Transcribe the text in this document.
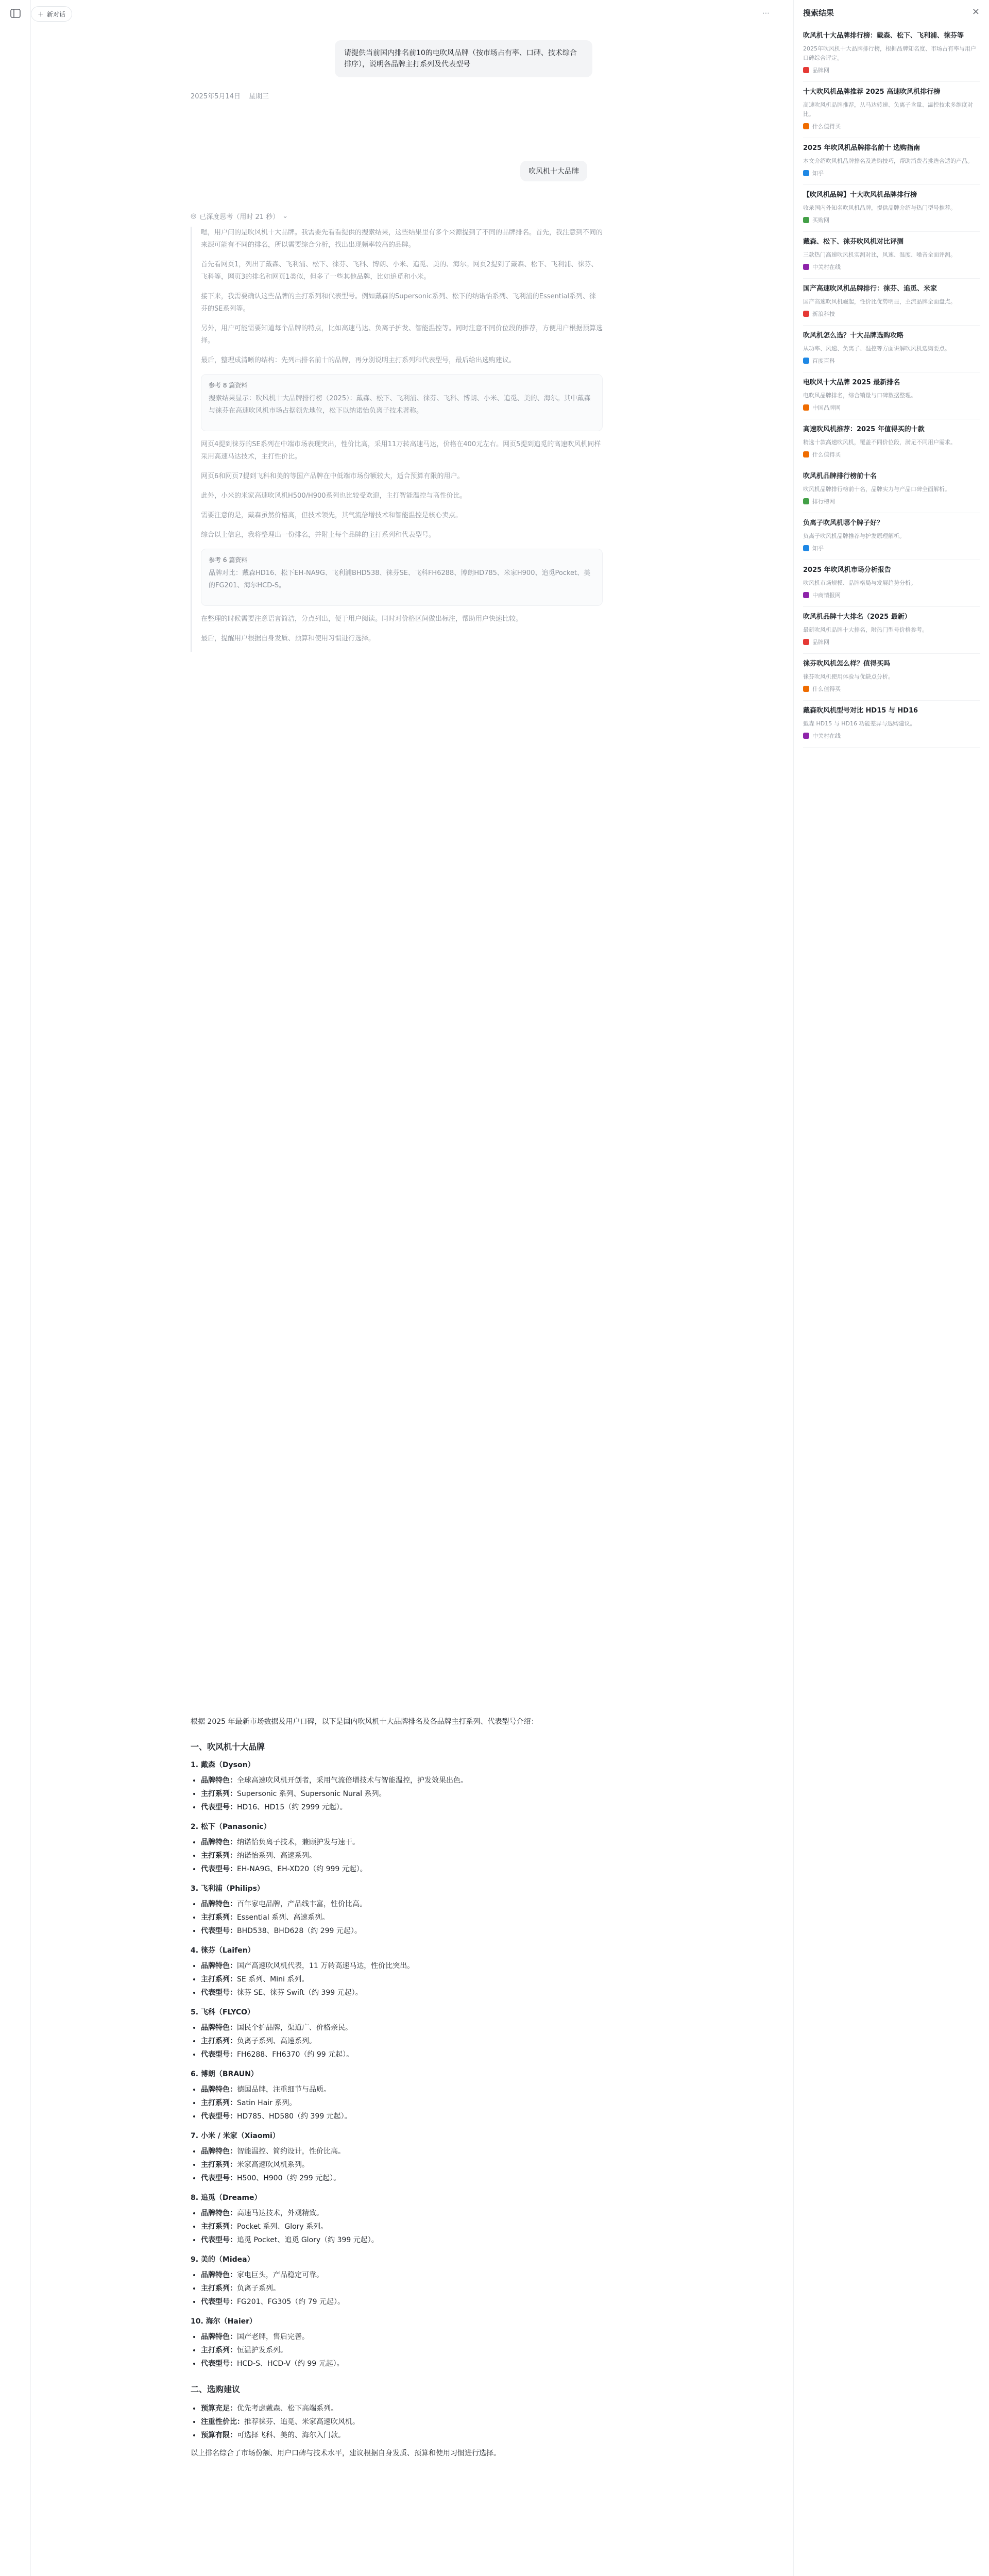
＋ 新对话
请提供当前国内排名前10的电吹风品牌（按市场占有率、口碑、技术综合排序），说明各品牌主打系列及代表型号
2025年5月14日 星期三
吹风机十大品牌
◎ 已深度思考（用时 21 秒） ⌄

嗯，用户问的是吹风机十大品牌。我需要先看看提供的搜索结果，这些结果里有多个来源提到了不同的品牌排名。首先，我注意到不同的来源可能有不同的排名，所以需要综合分析，找出出现频率较高的品牌。

首先看网页1，列出了戴森、飞利浦、松下、徕芬、飞科、博朗、小米、追觅、美的、海尔。网页2提到了戴森、松下、飞利浦、徕芬、飞科等，网页3的排名和网页1类似，但多了一些其他品牌，比如追觅和小米。

接下来，我需要确认这些品牌的主打系列和代表型号。例如戴森的Supersonic系列、松下的纳诺怡系列、飞利浦的Essential系列、徕芬的SE系列等。

另外，用户可能需要知道每个品牌的特点，比如高速马达、负离子护发、智能温控等。同时注意不同价位段的推荐，方便用户根据预算选择。

最后，整理成清晰的结构：先列出排名前十的品牌，再分别说明主打系列和代表型号，最后给出选购建议。

参考 8 篇资料

搜索结果显示：吹风机十大品牌排行榜（2025）：戴森、松下、飞利浦、徕芬、飞科、博朗、小米、追觅、美的、海尔。其中戴森与徕芬在高速吹风机市场占据领先地位，松下以纳诺怡负离子技术著称。

网页4提到徕芬的SE系列在中端市场表现突出，性价比高，采用11万转高速马达，价格在400元左右。网页5提到追觅的高速吹风机同样采用高速马达技术，主打性价比。

网页6和网页7提到飞科和美的等国产品牌在中低端市场份额较大，适合预算有限的用户。

此外，小米的米家高速吹风机H500/H900系列也比较受欢迎，主打智能温控与高性价比。

需要注意的是，戴森虽然价格高，但技术领先，其气流倍增技术和智能温控是核心卖点。

综合以上信息，我将整理出一份排名，并附上每个品牌的主打系列和代表型号。

参考 6 篇资料

品牌对比：戴森HD16、松下EH-NA9G、飞利浦BHD538、徕芬SE、飞科FH6288、博朗HD785、米家H900、追觅Pocket、美的FG201、海尔HCD-S。

在整理的时候需要注意语言简洁，分点列出，便于用户阅读。同时对价格区间做出标注，帮助用户快速比较。

最后，提醒用户根据自身发质、预算和使用习惯进行选择。

根据 2025 年最新市场数据及用户口碑，以下是国内吹风机十大品牌排名及各品牌主打系列、代表型号介绍：

一、吹风机十大品牌
1. 戴森（Dyson）
• 品牌特色：全球高速吹风机开创者，采用气流倍增技术与智能温控，护发效果出色。
• 主打系列：Supersonic 系列、Supersonic Nural 系列。
• 代表型号：HD16、HD15（约 2999 元起）。
2. 松下（Panasonic）
• 品牌特色：纳诺怡负离子技术，兼顾护发与速干。
• 主打系列：纳诺怡系列、高速系列。
• 代表型号：EH-NA9G、EH-XD20（约 999 元起）。
3. 飞利浦（Philips）
• 品牌特色：百年家电品牌，产品线丰富，性价比高。
• 主打系列：Essential 系列、高速系列。
• 代表型号：BHD538、BHD628（约 299 元起）。
4. 徕芬（Laifen）
• 品牌特色：国产高速吹风机代表，11 万转高速马达，性价比突出。
• 主打系列：SE 系列、Mini 系列。
• 代表型号：徕芬 SE、徕芬 Swift（约 399 元起）。
5. 飞科（FLYCO）
• 品牌特色：国民个护品牌，渠道广、价格亲民。
• 主打系列：负离子系列、高速系列。
• 代表型号：FH6288、FH6370（约 99 元起）。
6. 博朗（BRAUN）
• 品牌特色：德国品牌，注重细节与品质。
• 主打系列：Satin Hair 系列。
• 代表型号：HD785、HD580（约 399 元起）。
7. 小米 / 米家（Xiaomi）
• 品牌特色：智能温控、简约设计，性价比高。
• 主打系列：米家高速吹风机系列。
• 代表型号：H500、H900（约 299 元起）。
8. 追觅（Dreame）
• 品牌特色：高速马达技术，外观精致。
• 主打系列：Pocket 系列、Glory 系列。
• 代表型号：追觅 Pocket、追觅 Glory（约 399 元起）。
9. 美的（Midea）
• 品牌特色：家电巨头，产品稳定可靠。
• 主打系列：负离子系列。
• 代表型号：FG201、FG305（约 79 元起）。
10. 海尔（Haier）
• 品牌特色：国产老牌，售后完善。
• 主打系列：恒温护发系列。
• 代表型号：HCD-S、HCD-V（约 99 元起）。
二、选购建议
• 预算充足：优先考虑戴森、松下高端系列。
• 注重性价比：推荐徕芬、追觅、米家高速吹风机。
• 预算有限：可选择飞科、美的、海尔入门款。

以上排名综合了市场份额、用户口碑与技术水平，建议根据自身发质、预算和使用习惯进行选择。

⋯	搜索结果	×
吹风机十大品牌排行榜：戴森、松下、飞利浦、徕芬等
2025年吹风机十大品牌排行榜，根据品牌知名度、市场占有率与用户口碑综合评定。
品牌网
十大吹风机品牌推荐 2025 高速吹风机排行榜
高速吹风机品牌推荐，从马达转速、负离子含量、温控技术多维度对比。
什么值得买
2025 年吹风机品牌排名前十 选购指南
本文介绍吹风机品牌排名及选购技巧，帮助消费者挑选合适的产品。
知乎
【吹风机品牌】十大吹风机品牌排行榜
收录国内外知名吹风机品牌，提供品牌介绍与热门型号推荐。
买购网
戴森、松下、徕芬吹风机对比评测
三款热门高速吹风机实测对比，风速、温度、噪音全面评测。
中关村在线
国产高速吹风机品牌排行：徕芬、追觅、米家
国产高速吹风机崛起，性价比优势明显，主流品牌全面盘点。
新浪科技
吹风机怎么选？十大品牌选购攻略
从功率、风速、负离子、温控等方面讲解吹风机选购要点。
百度百科
电吹风十大品牌 2025 最新排名
电吹风品牌排名，综合销量与口碑数据整理。
中国品牌网
高速吹风机推荐：2025 年值得买的十款
精选十款高速吹风机，覆盖不同价位段，满足不同用户需求。
什么值得买
吹风机品牌排行榜前十名
吹风机品牌排行榜前十名，品牌实力与产品口碑全面解析。
排行榜网
负离子吹风机哪个牌子好？
负离子吹风机品牌推荐与护发原理解析。
知乎
2025 年吹风机市场分析报告
吹风机市场规模、品牌格局与发展趋势分析。
中商情报网
吹风机品牌十大排名（2025 最新）
最新吹风机品牌十大排名，附热门型号价格参考。
品牌网
徕芬吹风机怎么样？值得买吗
徕芬吹风机使用体验与优缺点分析。
什么值得买
戴森吹风机型号对比 HD15 与 HD16
戴森 HD15 与 HD16 功能差异与选购建议。
中关村在线
